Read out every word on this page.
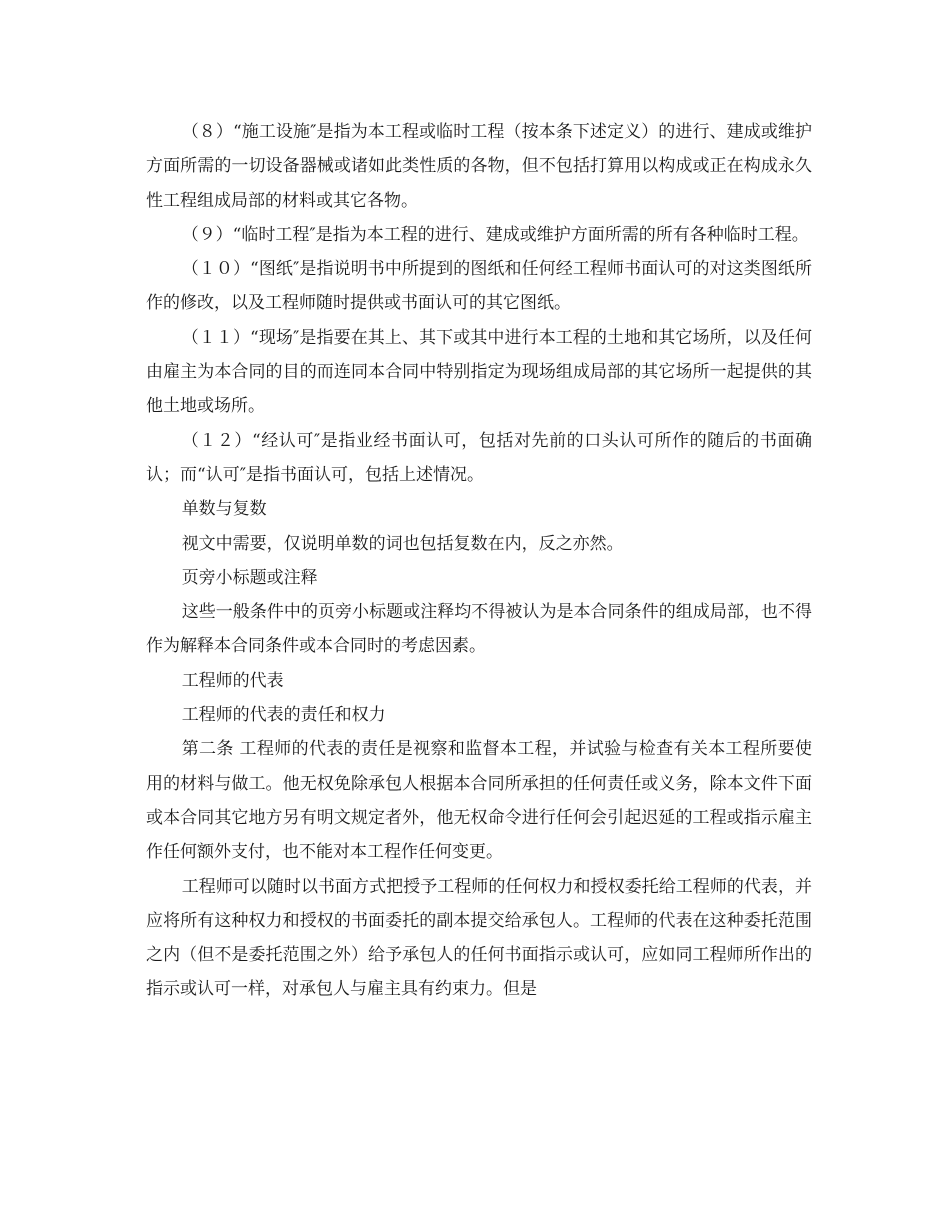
（８）“施工设施″是指为本工程或临时工程（按本条下述定义）的进行、建成或维护方面所需的一切设备器械或诸如此类性质的各物，但不包括打算用以构成或正在构成永久性工程组成局部的材料或其它各物。

（９）“临时工程″是指为本工程的进行、建成或维护方面所需的所有各种临时工程。

（１０）“图纸″是指说明书中所提到的图纸和任何经工程师书面认可的对这类图纸所作的修改，以及工程师随时提供或书面认可的其它图纸。

（１１）“现场″是指要在其上、其下或其中进行本工程的土地和其它场所，以及任何由雇主为本合同的目的而连同本合同中特别指定为现场组成局部的其它场所一起提供的其他土地或场所。

（１２）“经认可″是指业经书面认可，包括对先前的口头认可所作的随后的书面确认；而“认可″是指书面认可，包括上述情况。

单数与复数

视文中需要，仅说明单数的词也包括复数在内，反之亦然。

页旁小标题或注释

这些一般条件中的页旁小标题或注释均不得被认为是本合同条件的组成局部，也不得作为解释本合同条件或本合同时的考虑因素。

工程师的代表

工程师的代表的责任和权力

第二条 工程师的代表的责任是视察和监督本工程，并试验与检查有关本工程所要使用的材料与做工。他无权免除承包人根据本合同所承担的任何责任或义务，除本文件下面或本合同其它地方另有明文规定者外，他无权命令进行任何会引起迟延的工程或指示雇主作任何额外支付，也不能对本工程作任何变更。

工程师可以随时以书面方式把授予工程师的任何权力和授权委托给工程师的代表，并应将所有这种权力和授权的书面委托的副本提交给承包人。工程师的代表在这种委托范围之内（但不是委托范围之外）给予承包人的任何书面指示或认可，应如同工程师所作出的指示或认可一样，对承包人与雇主具有约束力。但是
